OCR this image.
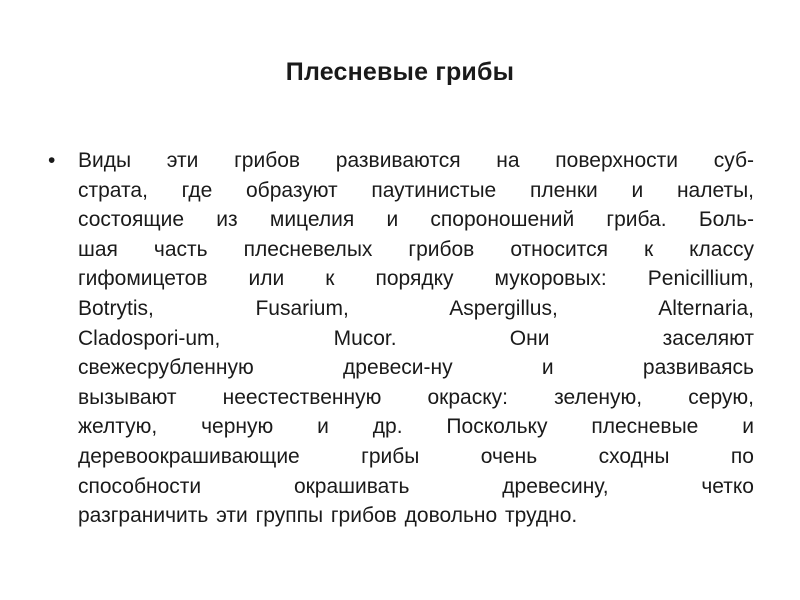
Плесневые грибы
•	Виды эти грибов развиваются на поверхности суб-
страта, где образуют паутинистые пленки и налеты,
состоящие из мицелия и спороношений гриба. Боль-
шая часть плесневелых грибов относится к классу
гифомицетов или к порядку мукоровых: Penicillium,
Botrytis, Fusarium, Aspergillus, Alternaria,
Cladospori-um, Mucor. Они заселяют
свежесрубленную древеси-ну и развиваясь
вызывают неестественную окраску: зеленую, серую,
желтую, черную и др. Поскольку плесневые и
деревоокрашивающие грибы очень сходны по
способности окрашивать древесину, четко
разграничить эти группы грибов довольно трудно.
